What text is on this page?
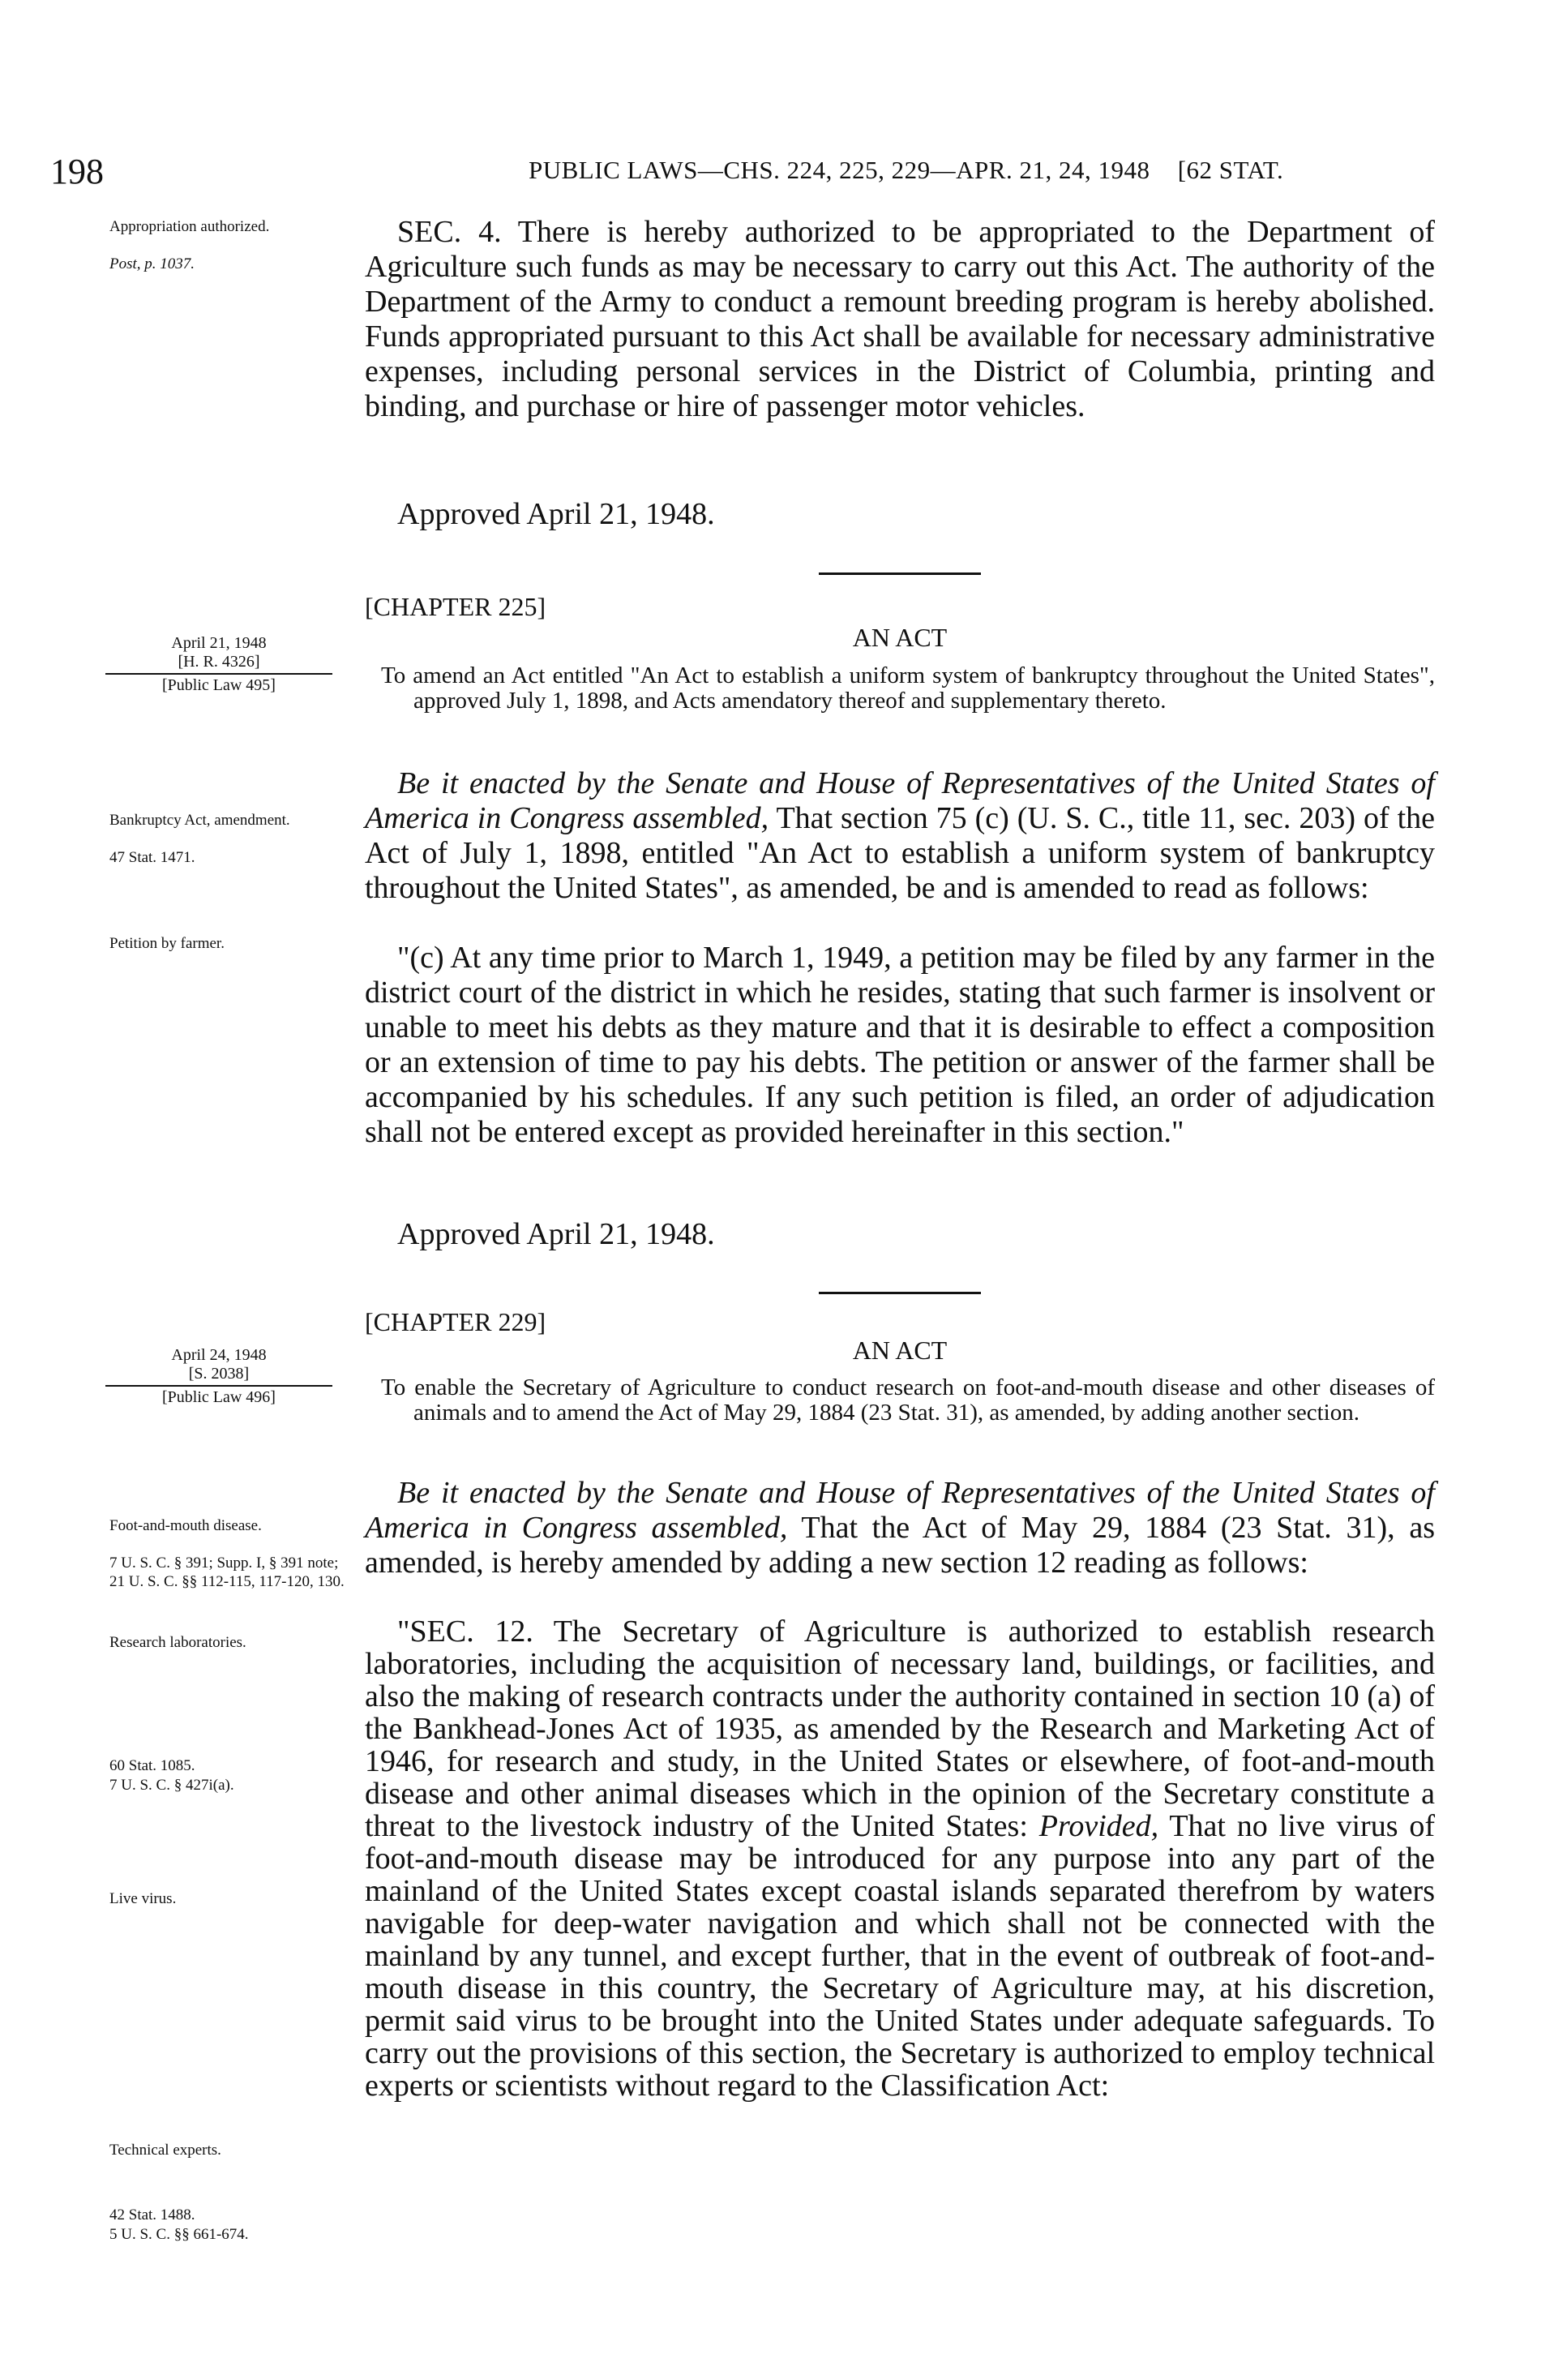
198	PUBLIC LAWS—CHS. 224, 225, 229—APR. 21, 24, 1948 [62 STAT.
Appropriation authorized.
Post, p. 1037.
SEC. 4. There is hereby authorized to be appropriated to the Department of Agriculture such funds as may be necessary to carry out this Act. The authority of the Department of the Army to conduct a remount breeding program is hereby abolished. Funds appropriated pursuant to this Act shall be available for necessary administrative expenses, including personal services in the District of Columbia, printing and binding, and purchase or hire of passenger motor vehicles.
Approved April 21, 1948.
[CHAPTER 225]
AN ACT
April 21, 1948
[H. R. 4326]
[Public Law 495]	To amend an Act entitled "An Act to establish a uniform system of bankruptcy throughout the United States", approved July 1, 1898, and Acts amendatory thereof and supplementary thereto.
Bankruptcy Act, amendment.
47 Stat. 1471.
Petition by farmer.
Be it enacted by the Senate and House of Representatives of the United States of America in Congress assembled, That section 75 (c) (U. S. C., title 11, sec. 203) of the Act of July 1, 1898, entitled "An Act to establish a uniform system of bankruptcy throughout the United States", as amended, be and is amended to read as follows:
"(c) At any time prior to March 1, 1949, a petition may be filed by any farmer in the district court of the district in which he resides, stating that such farmer is insolvent or unable to meet his debts as they mature and that it is desirable to effect a composition or an extension of time to pay his debts. The petition or answer of the farmer shall be accompanied by his schedules. If any such petition is filed, an order of adjudication shall not be entered except as provided hereinafter in this section."
Approved April 21, 1948.
[CHAPTER 229]
AN ACT
April 24, 1948
[S. 2038]
[Public Law 496]	To enable the Secretary of Agriculture to conduct research on foot-and-mouth disease and other diseases of animals and to amend the Act of May 29, 1884 (23 Stat. 31), as amended, by adding another section.
Foot-and-mouth disease.
7 U. S. C. § 391; Supp. I, § 391 note; 21 U. S. C. §§ 112-115, 117-120, 130.
Research laboratories.
60 Stat. 1085.
7 U. S. C. § 427i(a).
Live virus.
Technical experts.
42 Stat. 1488.
5 U. S. C. §§ 661-674.
Be it enacted by the Senate and House of Representatives of the United States of America in Congress assembled, That the Act of May 29, 1884 (23 Stat. 31), as amended, is hereby amended by adding a new section 12 reading as follows:
"SEC. 12. The Secretary of Agriculture is authorized to establish research laboratories, including the acquisition of necessary land, buildings, or facilities, and also the making of research contracts under the authority contained in section 10 (a) of the Bankhead-Jones Act of 1935, as amended by the Research and Marketing Act of 1946, for research and study, in the United States or elsewhere, of foot-and-mouth disease and other animal diseases which in the opinion of the Secretary constitute a threat to the livestock industry of the United States: Provided, That no live virus of foot-and-mouth disease may be introduced for any purpose into any part of the mainland of the United States except coastal islands separated therefrom by waters navigable for deep-water navigation and which shall not be connected with the mainland by any tunnel, and except further, that in the event of outbreak of foot-and-mouth disease in this country, the Secretary of Agriculture may, at his discretion, permit said virus to be brought into the United States under adequate safeguards. To carry out the provisions of this section, the Secretary is authorized to employ technical experts or scientists without regard to the Classification Act:
